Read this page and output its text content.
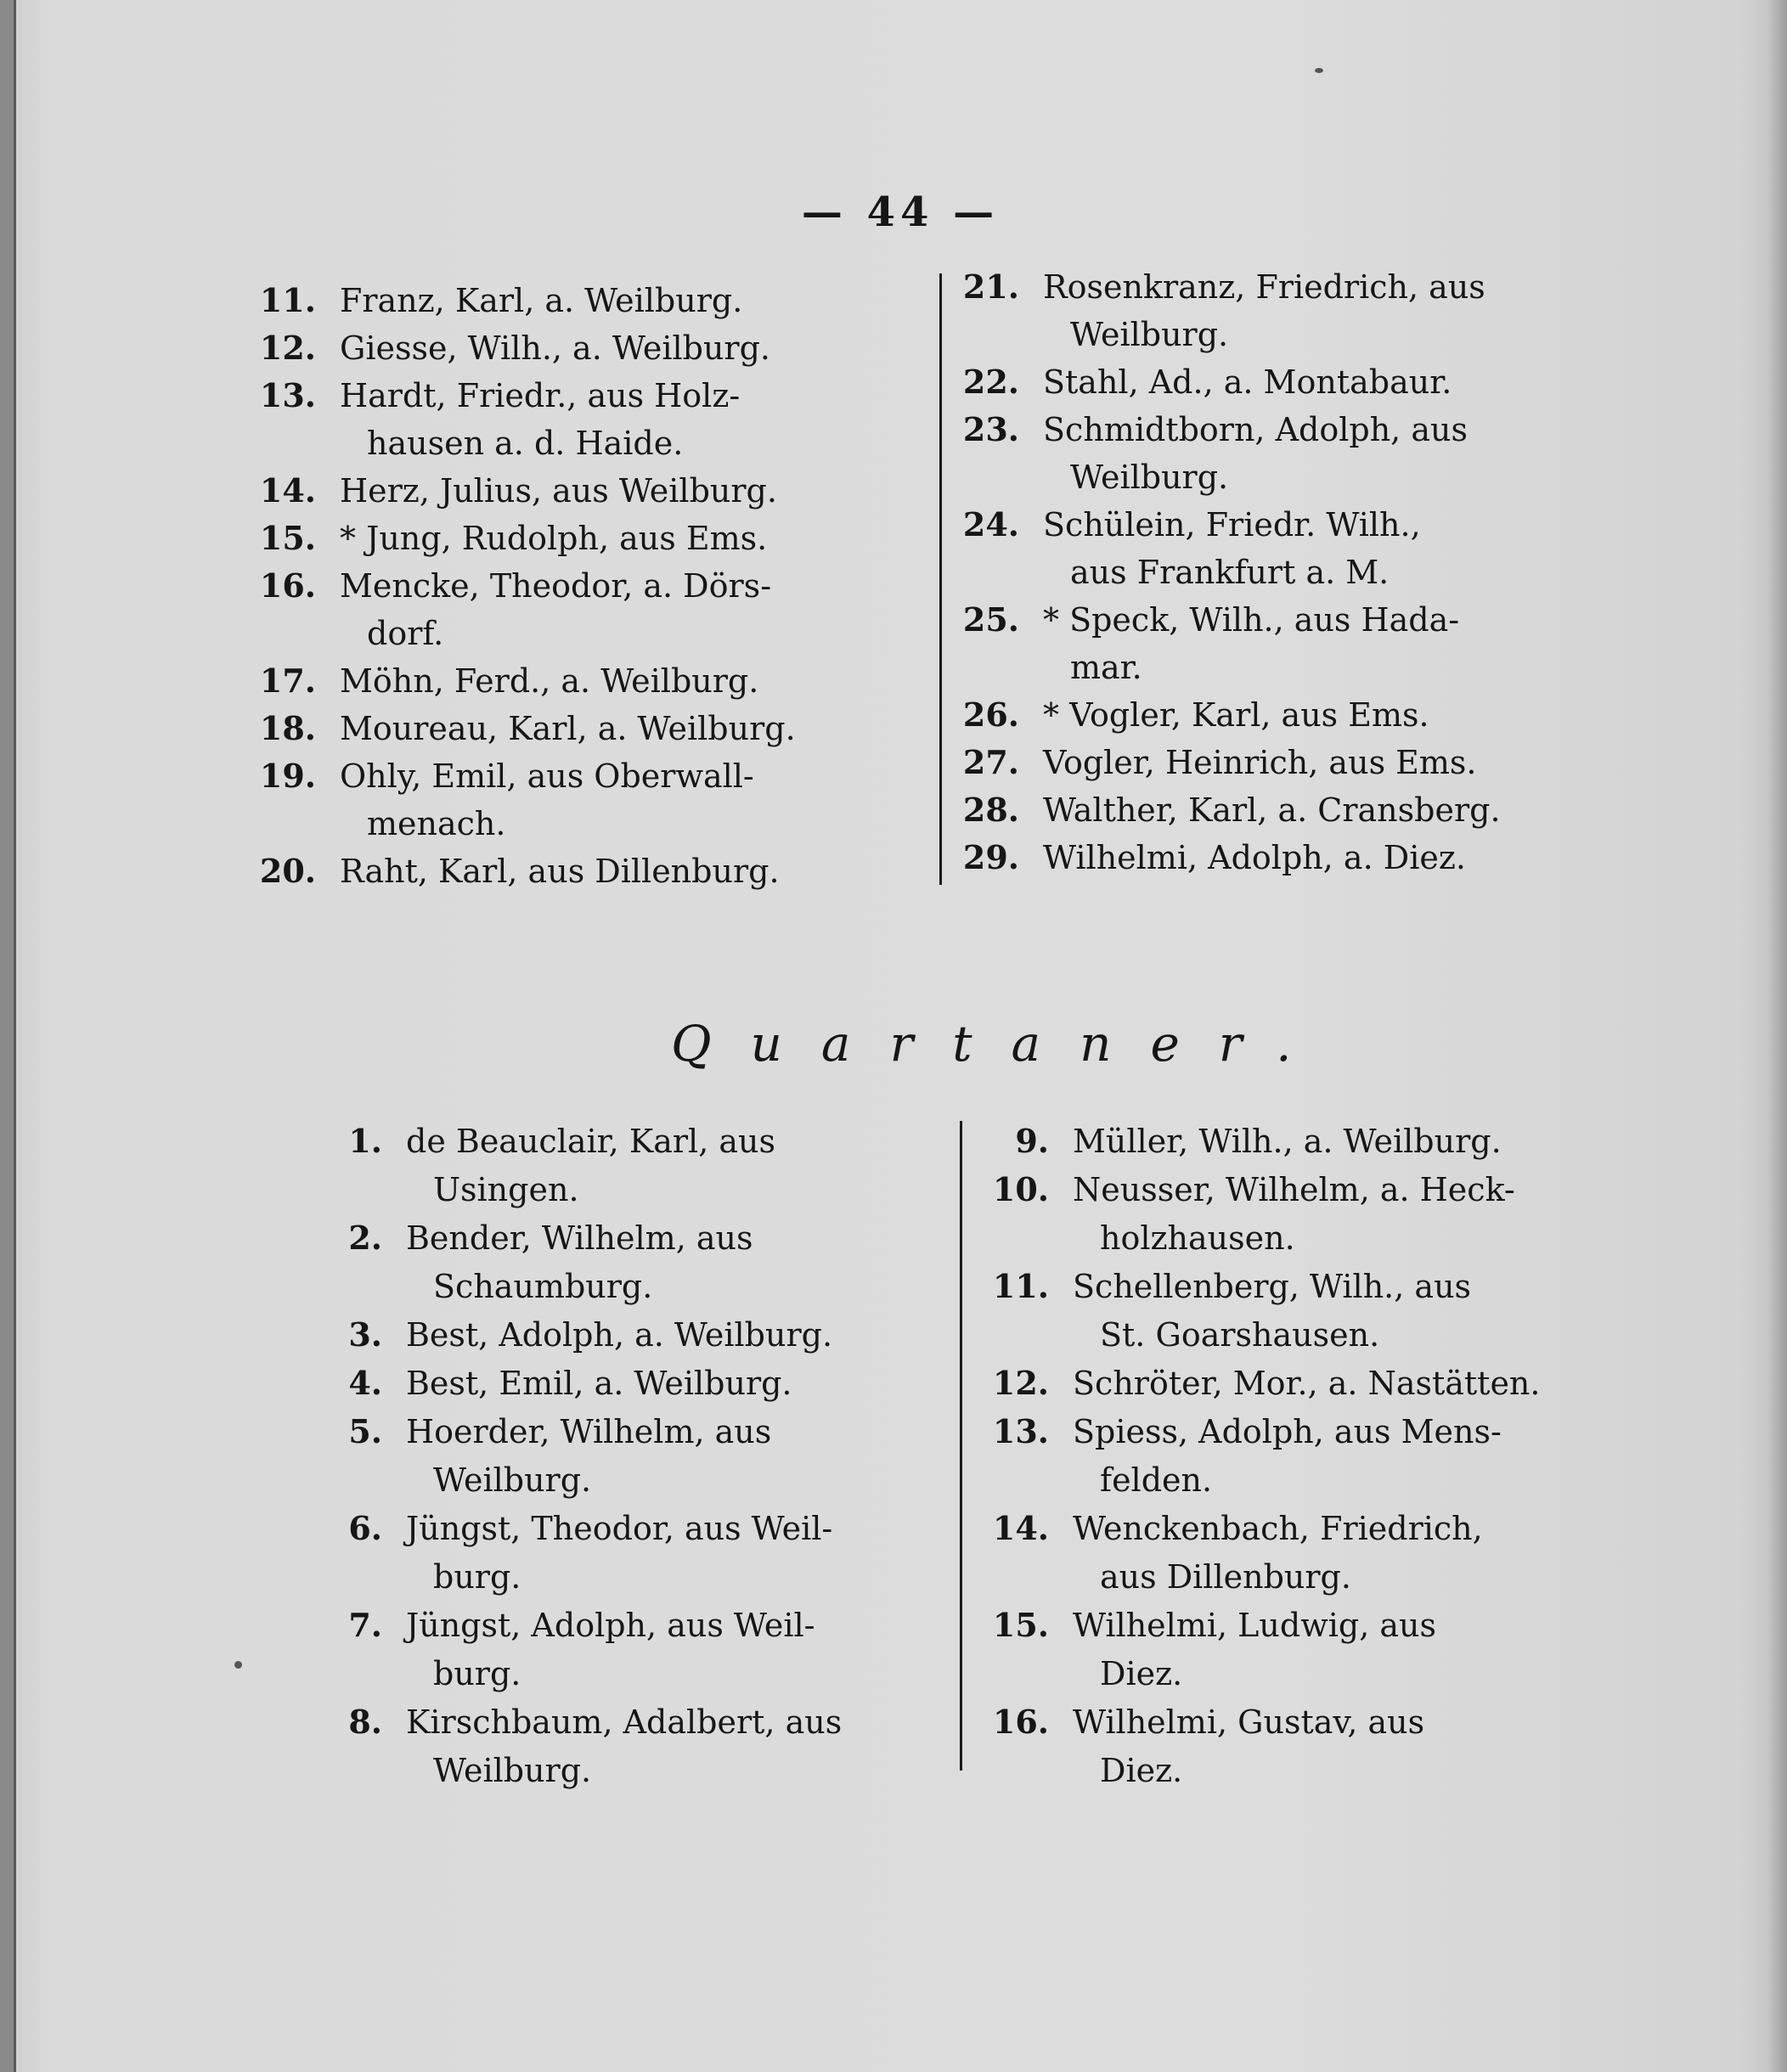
— 44 —
11. Franz, Karl, a. Weilburg.
12. Giesse, Wilh., a. Weilburg.
13. Hardt, Friedr., aus Holz-
hausen a. d. Haide.
14. Herz, Julius, aus Weilburg.
15. * Jung, Rudolph, aus Ems.
16. Mencke, Theodor, a. Dörs-
dorf.
17. Möhn, Ferd., a. Weilburg.
18. Moureau, Karl, a. Weilburg.
19. Ohly, Emil, aus Oberwall-
menach.
20. Raht, Karl, aus Dillenburg.
21. Rosenkranz, Friedrich, aus
Weilburg.
22. Stahl, Ad., a. Montabaur.
23. Schmidtborn, Adolph, aus
Weilburg.
24. Schülein, Friedr. Wilh.,
aus Frankfurt a. M.
25. * Speck, Wilh., aus Hada-
mar.
26. * Vogler, Karl, aus Ems.
27. Vogler, Heinrich, aus Ems.
28. Walther, Karl, a. Cransberg.
29. Wilhelmi, Adolph, a. Diez.
Quartaner.
1. de Beauclair, Karl, aus
Usingen.
2. Bender, Wilhelm, aus
Schaumburg.
3. Best, Adolph, a. Weilburg.
4. Best, Emil, a. Weilburg.
5. Hoerder, Wilhelm, aus
Weilburg.
6. Jüngst, Theodor, aus Weil-
burg.
7. Jüngst, Adolph, aus Weil-
burg.
8. Kirschbaum, Adalbert, aus
Weilburg.
9. Müller, Wilh., a. Weilburg.
10. Neusser, Wilhelm, a. Heck-
holzhausen.
11. Schellenberg, Wilh., aus
St. Goarshausen.
12. Schröter, Mor., a. Nastätten.
13. Spiess, Adolph, aus Mens-
felden.
14. Wenckenbach, Friedrich,
aus Dillenburg.
15. Wilhelmi, Ludwig, aus
Diez.
16. Wilhelmi, Gustav, aus
Diez.
